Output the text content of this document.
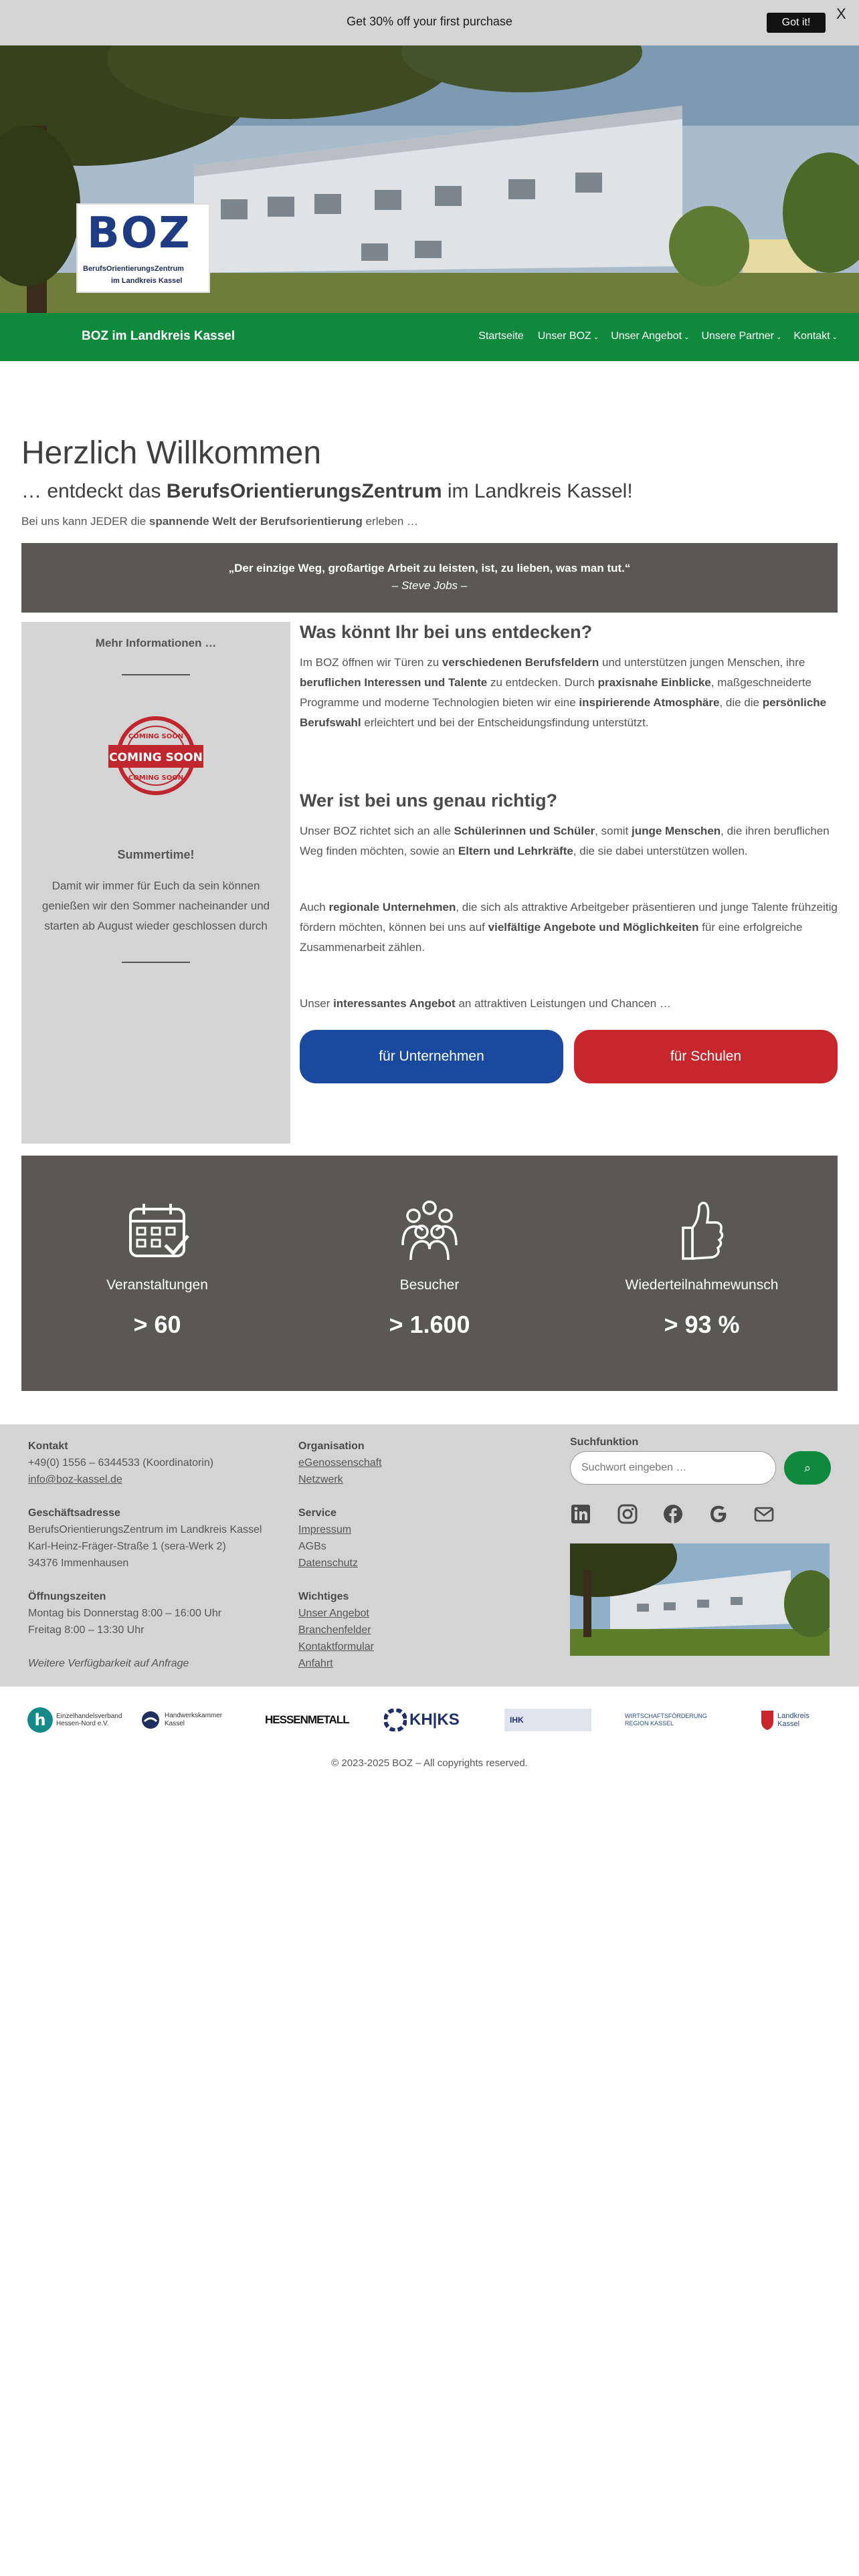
Get 30% off your first purchase	Got it!
X
BOZ
BerufsOrientierungsZentrum
im Landkreis Kassel
BOZ im Landkreis Kassel	Startseite Unser BOZ ⌄ Unser Angebot ⌄ Unsere Partner ⌄ Kontakt ⌄
Herzlich Willkommen
… entdeckt das BerufsOrientierungsZentrum im Landkreis Kassel!
Bei uns kann JEDER die spannende Welt der Berufsorientierung erleben …
„Der einzige Weg, großartige Arbeit zu leisten, ist, zu lieben, was man tut.“
– Steve Jobs –
Mehr Informationen …
COMING SOON
COMING SOON
COMING SOON
Summertime!
Damit wir immer für Euch da sein können genießen wir den Sommer nacheinander und starten ab August wieder geschlossen durch
Was könnt Ihr bei uns entdecken?
Im BOZ öffnen wir Türen zu verschiedenen Berufsfeldern und unterstützen jungen Menschen, ihre beruflichen Interessen und Talente zu entdecken. Durch praxisnahe Einblicke, maßgeschneiderte Programme und moderne Technologien bieten wir eine inspirierende Atmosphäre, die die persönliche Berufswahl erleichtert und bei der Entscheidungsfindung unterstützt.
Wer ist bei uns genau richtig?
Unser BOZ richtet sich an alle Schülerinnen und Schüler, somit junge Menschen, die ihren beruflichen Weg finden möchten, sowie an Eltern und Lehrkräfte, die sie dabei unterstützen wollen.
Auch regionale Unternehmen, die sich als attraktive Arbeitgeber präsentieren und junge Talente frühzeitig fördern möchten, können bei uns auf vielfältige Angebote und Möglichkeiten für eine erfolgreiche Zusammenarbeit zählen.
Unser interessantes Angebot an attraktiven Leistungen und Chancen …
für Unternehmen	für Schulen
Veranstaltungen
> 60
Besucher
> 1.600
Wiederteilnahmewunsch
> 93 %
Kontakt
+49(0) 1556 – 6344533 (Koordinatorin)
info@boz-kassel.de
Geschäftsadresse
BerufsOrientierungsZentrum im Landkreis Kassel
Karl-Heinz-Fräger-Straße 1 (sera-Werk 2)
34376 Immenhausen
Öffnungszeiten
Montag bis Donnerstag 8:00 – 16:00 Uhr
Freitag 8:00 – 13:30 Uhr
Weitere Verfügbarkeit auf Anfrage
Organisation
eGenossenschaft
Netzwerk
Service
Impressum
AGBs
Datenschutz
Wichtiges
Unser Angebot
Branchenfelder
Kontaktformular
Anfahrt
Suchfunktion
Suchwort eingeben …	⌕
h Einzelhandelsverband Hessen-Nord e.V.
Handwerkskammer Kassel	HESSENMETALL	KH|KS	IHK	WIRTSCHAFTSFÖRDERUNG REGION KASSEL
Landkreis Kassel
© 2023-2025 BOZ – All copyrights reserved.
